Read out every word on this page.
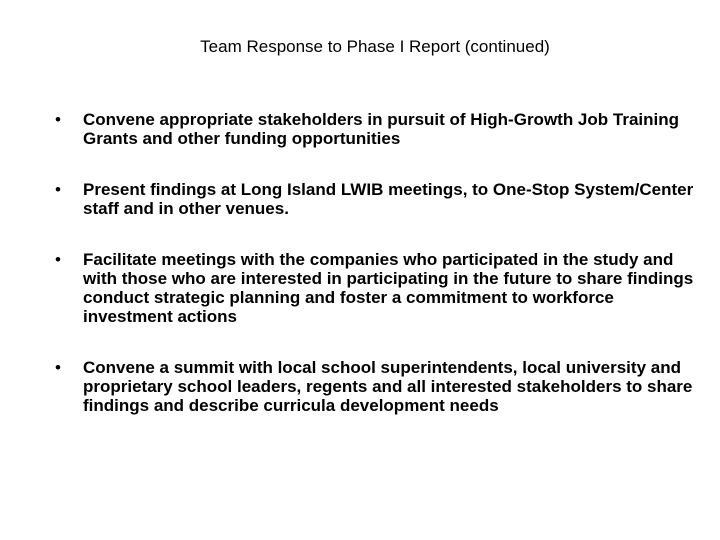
Team Response to Phase I Report (continued)
• Convene appropriate stakeholders in pursuit of High-Growth Job Training Grants and other funding opportunities
• Present findings at Long Island LWIB meetings, to One-Stop System/Center staff and in other venues.
• Facilitate meetings with the companies who participated in the study and with those who are interested in participating in the future to share findings conduct strategic planning and foster a commitment to workforce investment actions
• Convene a summit with local school superintendents, local university and proprietary school leaders, regents and all interested stakeholders to share findings and describe curricula development needs
